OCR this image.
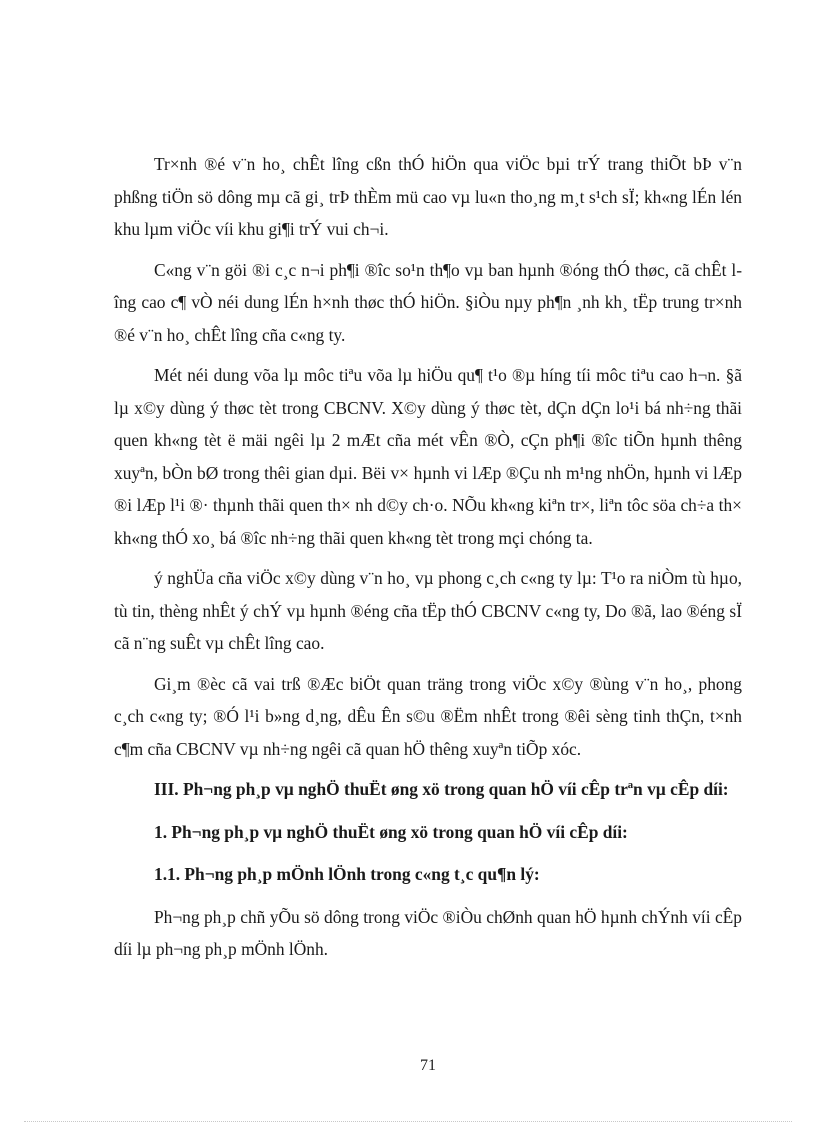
Tr×nh ®é v¨n ho¸ chÊt lîng cßn thÓ hiÖn qua viÖc bµi trÝ trang thiÕt bÞ v¨n phßng tiÖn sö dông mµ cã gi¸ trÞ thÈm mü cao vµ lu«n tho¸ng m¸t s¹ch sÏ; kh«ng lÉn lén khu lµm viÖc víi khu gi¶i trÝ vui ch¬i.

C«ng v¨n göi ®i c¸c n¬i ph¶i ®îc so¹n th¶o vµ ban hµnh ®óng thÓ thøc, cã chÊt lîng cao c¶ vÒ néi dung lÉn h×nh thøc thÓ hiÖn. §iÒu nµy ph¶n ¸nh kh¸ tËp trung tr×nh ®é v¨n ho¸ chÊt lîng cña c«ng ty.

Mét néi dung võa lµ môc tiªu võa lµ hiÖu qu¶ t¹o ®µ híng tíi môc tiªu cao h¬n. §ã lµ x©y dùng ý thøc tèt trong CBCNV. X©y dùng ý thøc tèt, dÇn dÇn lo¹i bá nh÷ng thãi quen kh«ng tèt ë mäi ngêi lµ 2 mÆt cña mét vÊn ®Ò, cÇn ph¶i ®îc tiÕn hµnh thêng xuyªn, bÒn bØ trong thêi gian dµi. Bëi v× hµnh vi lÆp ®Çu nh m¹ng nhÖn, hµnh vi lÆp ®i lÆp l¹i ®· thµnh thãi quen th× nh d©y ch·o. NÕu kh«ng kiªn tr×, liªn tôc söa ch÷a th× kh«ng thÓ xo¸ bá ®îc nh÷ng thãi quen kh«ng tèt trong mçi chóng ta.

ý nghÜa cña viÖc x©y dùng v¨n ho¸ vµ phong c¸ch c«ng ty lµ: T¹o ra niÒm tù hµo, tù tin, thèng nhÊt ý chÝ vµ hµnh ®éng cña tËp thÓ CBCNV c«ng ty, Do ®ã, lao ®éng sÏ cã n¨ng suÊt vµ chÊt lîng cao.

Gi¸m ®èc cã vai trß ®Æc biÖt quan träng trong viÖc x©y ®ùng v¨n ho¸, phong c¸ch c«ng ty; ®Ó l¹i b»ng d¸ng, dÊu Ên s©u ®Ëm nhÊt trong ®êi sèng tinh thÇn, t×nh c¶m cña CBCNV vµ nh÷ng ngêi cã quan hÖ thêng xuyªn tiÕp xóc.

III. Ph¬ng ph¸p vµ nghÖ thuËt øng xö trong quan hÖ víi cÊp trªn vµ cÊp díi:

1. Ph¬ng ph¸p vµ nghÖ thuËt øng xö trong quan hÖ víi cÊp díi:

1.1. Ph¬ng ph¸p mÖnh lÖnh trong c«ng t¸c qu¶n lý:

Ph¬ng ph¸p chñ yÕu sö dông trong viÖc ®iÒu chØnh quan hÖ hµnh chÝnh víi cÊp díi lµ ph¬ng ph¸p mÖnh lÖnh.

71
